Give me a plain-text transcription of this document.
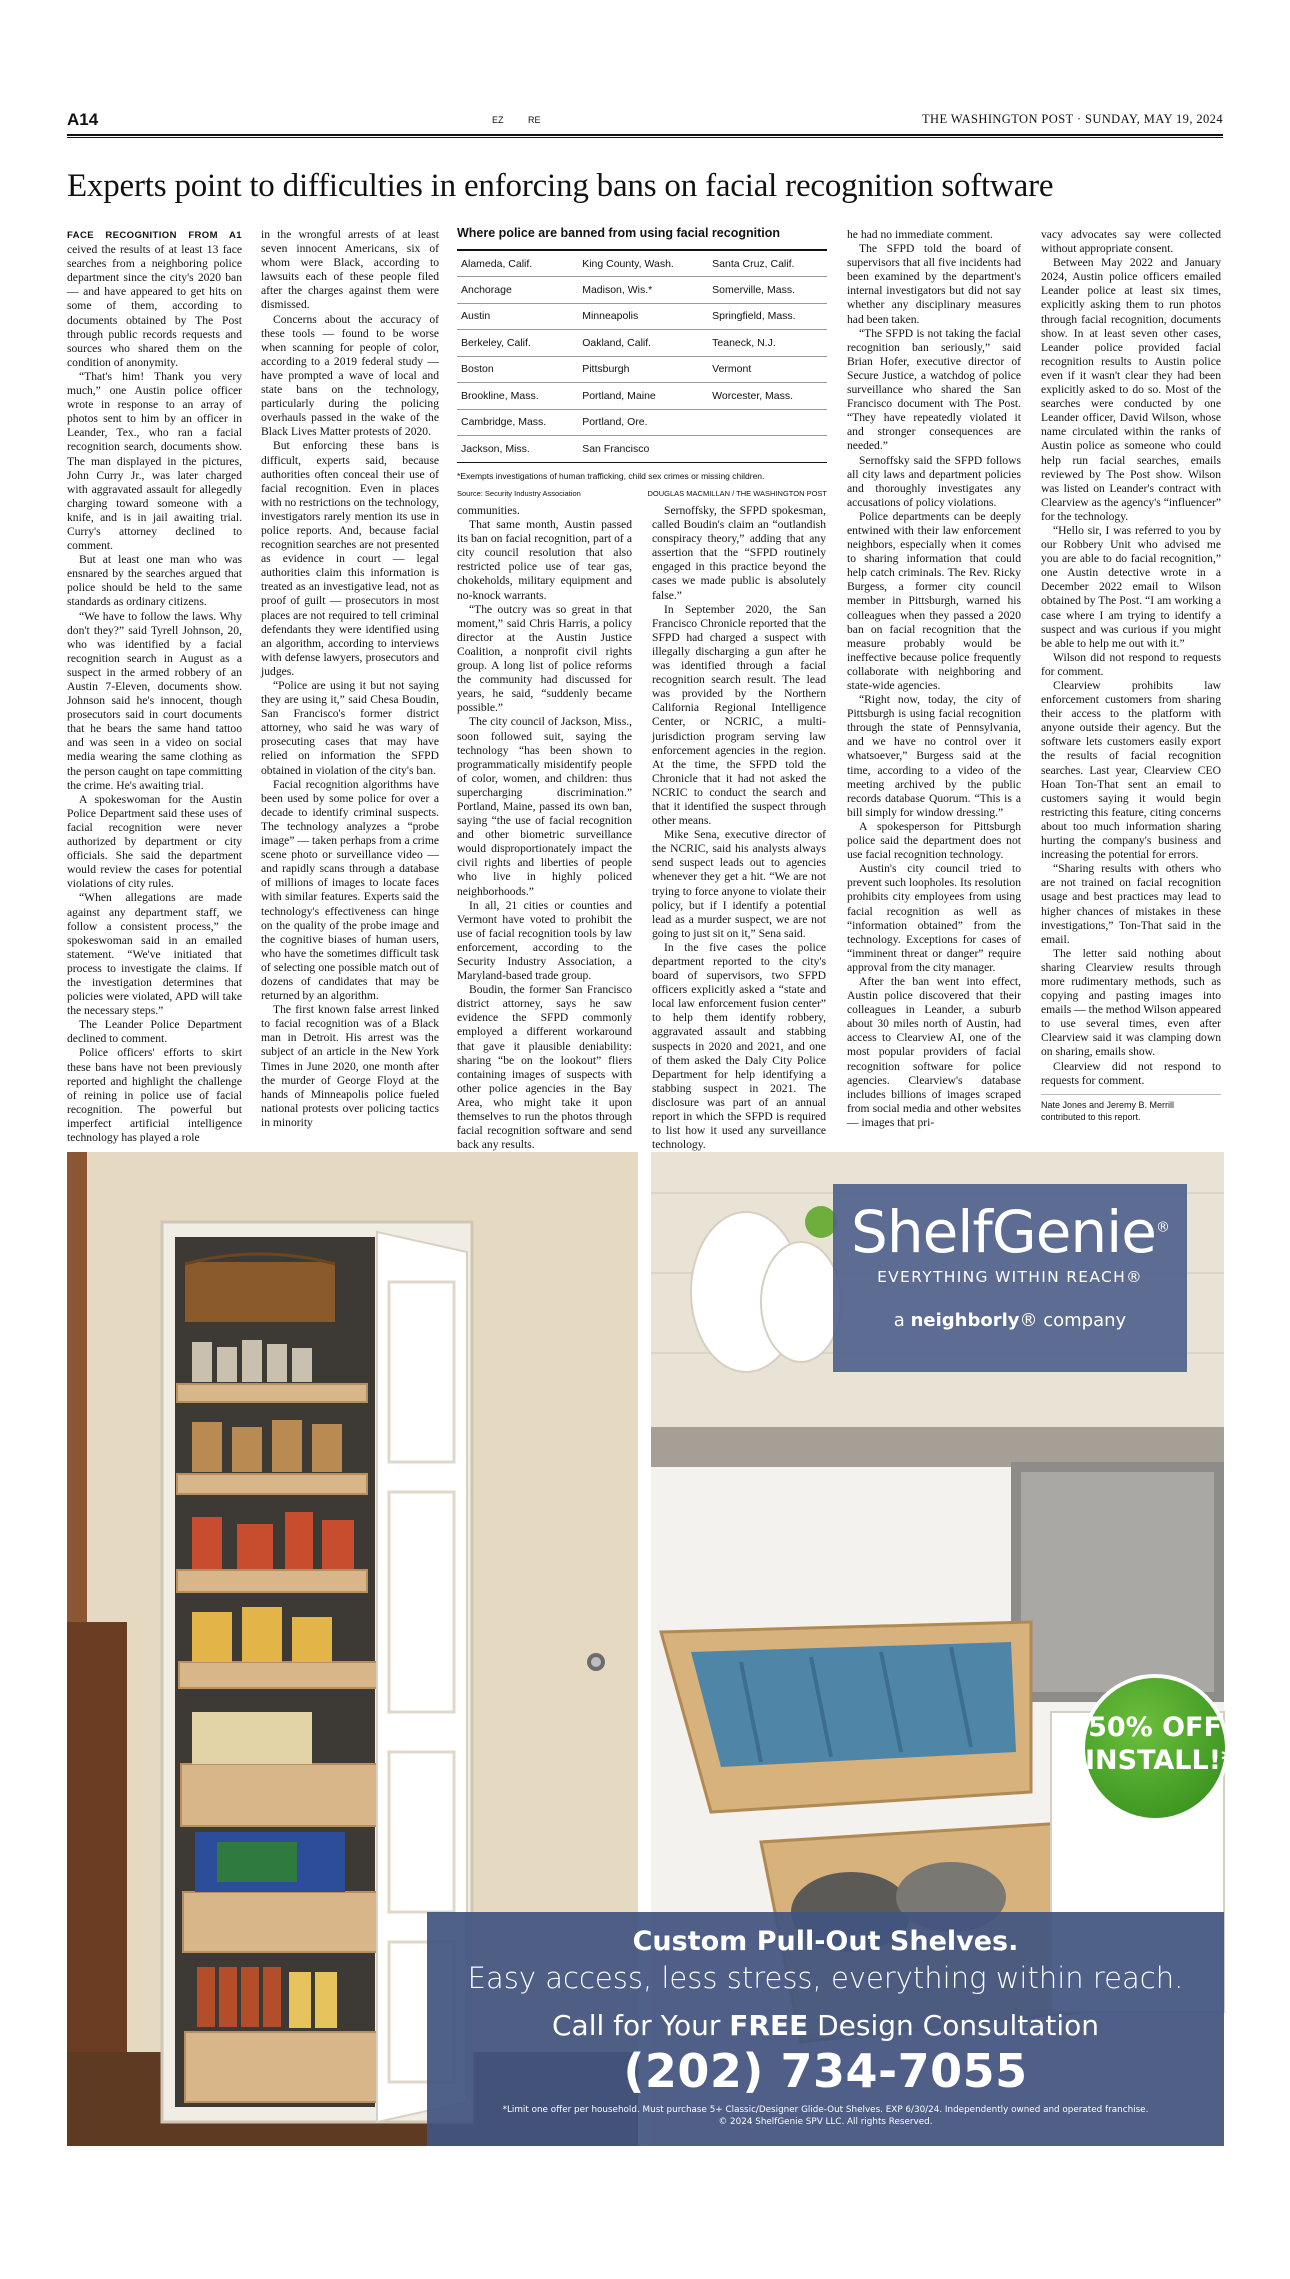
A14	EZ	RE	THE WASHINGTON POST · SUNDAY, MAY 19, 2024
Experts point to difficulties in enforcing bans on facial recognition software

FACE RECOGNITION FROM A1 ceived the results of at least 13 face searches from a neighboring police department since the city's 2020 ban — and have appeared to get hits on some of them, according to documents obtained by The Post through public records requests and sources who shared them on the condition of anonymity.

“That's him! Thank you very much,” one Austin police officer wrote in response to an array of photos sent to him by an officer in Leander, Tex., who ran a facial recognition search, documents show. The man displayed in the pictures, John Curry Jr., was later charged with aggravated assault for allegedly charging toward someone with a knife, and is in jail awaiting trial. Curry's attorney declined to comment.

But at least one man who was ensnared by the searches argued that police should be held to the same standards as ordinary citizens.

“We have to follow the laws. Why don't they?” said Tyrell Johnson, 20, who was identified by a facial recognition search in August as a suspect in the armed robbery of an Austin 7-Eleven, documents show. Johnson said he's innocent, though prosecutors said in court documents that he bears the same hand tattoo and was seen in a video on social media wearing the same clothing as the person caught on tape committing the crime. He's awaiting trial.

A spokeswoman for the Austin Police Department said these uses of facial recognition were never authorized by department or city officials. She said the department would review the cases for potential violations of city rules.

“When allegations are made against any department staff, we follow a consistent process,” the spokeswoman said in an emailed statement. “We've initiated that process to investigate the claims. If the investigation determines that policies were violated, APD will take the necessary steps.”

The Leander Police Department declined to comment.

Police officers' efforts to skirt these bans have not been previously reported and highlight the challenge of reining in police use of facial recognition. The powerful but imperfect artificial intelligence technology has played a role

in the wrongful arrests of at least seven innocent Americans, six of whom were Black, according to lawsuits each of these people filed after the charges against them were dismissed.

Concerns about the accuracy of these tools — found to be worse when scanning for people of color, according to a 2019 federal study — have prompted a wave of local and state bans on the technology, particularly during the policing overhauls passed in the wake of the Black Lives Matter protests of 2020.

But enforcing these bans is difficult, experts said, because authorities often conceal their use of facial recognition. Even in places with no restrictions on the technology, investigators rarely mention its use in police reports. And, because facial recognition searches are not presented as evidence in court — legal authorities claim this information is treated as an investigative lead, not as proof of guilt — prosecutors in most places are not required to tell criminal defendants they were identified using an algorithm, according to interviews with defense lawyers, prosecutors and judges.

“Police are using it but not saying they are using it,” said Chesa Boudin, San Francisco's former district attorney, who said he was wary of prosecuting cases that may have relied on information the SFPD obtained in violation of the city's ban.

Facial recognition algorithms have been used by some police for over a decade to identify criminal suspects. The technology analyzes a “probe image” — taken perhaps from a crime scene photo or surveillance video — and rapidly scans through a database of millions of images to locate faces with similar features. Experts said the technology's effectiveness can hinge on the quality of the probe image and the cognitive biases of human users, who have the sometimes difficult task of selecting one possible match out of dozens of candidates that may be returned by an algorithm.

The first known false arrest linked to facial recognition was of a Black man in Detroit. His arrest was the subject of an article in the New York Times in June 2020, one month after the murder of George Floyd at the hands of Minneapolis police fueled national protests over policing tactics in minority

Where police are banned from using facial recognition
Alameda, Calif.	King County, Wash.	Santa Cruz, Calif.
Anchorage	Madison, Wis.*	Somerville, Mass.
Austin	Minneapolis	Springfield, Mass.
Berkeley, Calif.	Oakland, Calif.	Teaneck, N.J.
Boston	Pittsburgh	Vermont
Brookline, Mass.	Portland, Maine	Worcester, Mass.
Cambridge, Mass.	Portland, Ore.	
Jackson, Miss.	San Francisco	
*Exempts investigations of human trafficking, child sex crimes or missing children.
Source: Security Industry Association	DOUGLAS MACMILLAN / THE WASHINGTON POST

communities.

That same month, Austin passed its ban on facial recognition, part of a city council resolution that also restricted police use of tear gas, chokeholds, military equipment and no-knock warrants.

“The outcry was so great in that moment,” said Chris Harris, a policy director at the Austin Justice Coalition, a nonprofit civil rights group. A long list of police reforms the community had discussed for years, he said, “suddenly became possible.”

The city council of Jackson, Miss., soon followed suit, saying the technology “has been shown to programmatically misidentify people of color, women, and children: thus supercharging discrimination.” Portland, Maine, passed its own ban, saying “the use of facial recognition and other biometric surveillance would disproportionately impact the civil rights and liberties of people who live in highly policed neighborhoods.”

In all, 21 cities or counties and Vermont have voted to prohibit the use of facial recognition tools by law enforcement, according to the Security Industry Association, a Maryland-based trade group.

Boudin, the former San Francisco district attorney, says he saw evidence the SFPD commonly employed a different workaround that gave it plausible deniability: sharing “be on the lookout” fliers containing images of suspects with other police agencies in the Bay Area, who might take it upon themselves to run the photos through facial recognition software and send back any results.

Sernoffsky, the SFPD spokesman, called Boudin's claim an “outlandish conspiracy theory,” adding that any assertion that the “SFPD routinely engaged in this practice beyond the cases we made public is absolutely false.”

In September 2020, the San Francisco Chronicle reported that the SFPD had charged a suspect with illegally discharging a gun after he was identified through a facial recognition search result. The lead was provided by the Northern California Regional Intelligence Center, or NCRIC, a multi-jurisdiction program serving law enforcement agencies in the region. At the time, the SFPD told the Chronicle that it had not asked the NCRIC to conduct the search and that it identified the suspect through other means.

Mike Sena, executive director of the NCRIC, said his analysts always send suspect leads out to agencies whenever they get a hit. “We are not trying to force anyone to violate their policy, but if I identify a potential lead as a murder suspect, we are not going to just sit on it,” Sena said.

In the five cases the police department reported to the city's board of supervisors, two SFPD officers explicitly asked a “state and local law enforcement fusion center” to help them identify robbery, aggravated assault and stabbing suspects in 2020 and 2021, and one of them asked the Daly City Police Department for help identifying a stabbing suspect in 2021. The disclosure was part of an annual report in which the SFPD is required to list how it used any surveillance technology.

he had no immediate comment.

The SFPD told the board of supervisors that all five incidents had been examined by the department's internal investigators but did not say whether any disciplinary measures had been taken.

“The SFPD is not taking the facial recognition ban seriously,” said Brian Hofer, executive director of Secure Justice, a watchdog of police surveillance who shared the San Francisco document with The Post. “They have repeatedly violated it and stronger consequences are needed.”

Sernoffsky said the SFPD follows all city laws and department policies and thoroughly investigates any accusations of policy violations.

Police departments can be deeply entwined with their law enforcement neighbors, especially when it comes to sharing information that could help catch criminals. The Rev. Ricky Burgess, a former city council member in Pittsburgh, warned his colleagues when they passed a 2020 ban on facial recognition that the measure probably would be ineffective because police frequently collaborate with neighboring and state-wide agencies.

“Right now, today, the city of Pittsburgh is using facial recognition through the state of Pennsylvania, and we have no control over it whatsoever,” Burgess said at the time, according to a video of the meeting archived by the public records database Quorum. “This is a bill simply for window dressing.”

A spokesperson for Pittsburgh police said the department does not use facial recognition technology.

Austin's city council tried to prevent such loopholes. Its resolution prohibits city employees from using facial recognition as well as “information obtained” from the technology. Exceptions for cases of “imminent threat or danger” require approval from the city manager.

After the ban went into effect, Austin police discovered that their colleagues in Leander, a suburb about 30 miles north of Austin, had access to Clearview AI, one of the most popular providers of facial recognition software for police agencies. Clearview's database includes billions of images scraped from social media and other websites — images that pri-

vacy advocates say were collected without appropriate consent.

Between May 2022 and January 2024, Austin police officers emailed Leander police at least six times, explicitly asking them to run photos through facial recognition, documents show. In at least seven other cases, Leander police provided facial recognition results to Austin police even if it wasn't clear they had been explicitly asked to do so. Most of the searches were conducted by one Leander officer, David Wilson, whose name circulated within the ranks of Austin police as someone who could help run facial searches, emails reviewed by The Post show. Wilson was listed on Leander's contract with Clearview as the agency's “influencer” for the technology.

“Hello sir, I was referred to you by our Robbery Unit who advised me you are able to do facial recognition,” one Austin detective wrote in a December 2022 email to Wilson obtained by The Post. “I am working a case where I am trying to identify a suspect and was curious if you might be able to help me out with it.”

Wilson did not respond to requests for comment.

Clearview prohibits law enforcement customers from sharing their access to the platform with anyone outside their agency. But the software lets customers easily export the results of facial recognition searches. Last year, Clearview CEO Hoan Ton-That sent an email to customers saying it would begin restricting this feature, citing concerns about too much information sharing hurting the company's business and increasing the potential for errors.

“Sharing results with others who are not trained on facial recognition usage and best practices may lead to higher chances of mistakes in these investigations,” Ton-That said in the email.

The letter said nothing about sharing Clearview results through more rudimentary methods, such as copying and pasting images into emails — the method Wilson appeared to use several times, even after Clearview said it was clamping down on sharing, emails show.

Clearview did not respond to requests for comment.

Nate Jones and Jeremy B. Merrill contributed to this report.

ShelfGenie®
EVERYTHING WITHIN REACH®
a neighborly® company
50% OFF
INSTALL!*
Custom Pull-Out Shelves.
Easy access, less stress, everything within reach.
Call for Your FREE Design Consultation
(202) 734-7055
*Limit one offer per household. Must purchase 5+ Classic/Designer Glide-Out Shelves. EXP 6/30/24. Independently owned and operated franchise.
© 2024 ShelfGenie SPV LLC. All rights Reserved.
